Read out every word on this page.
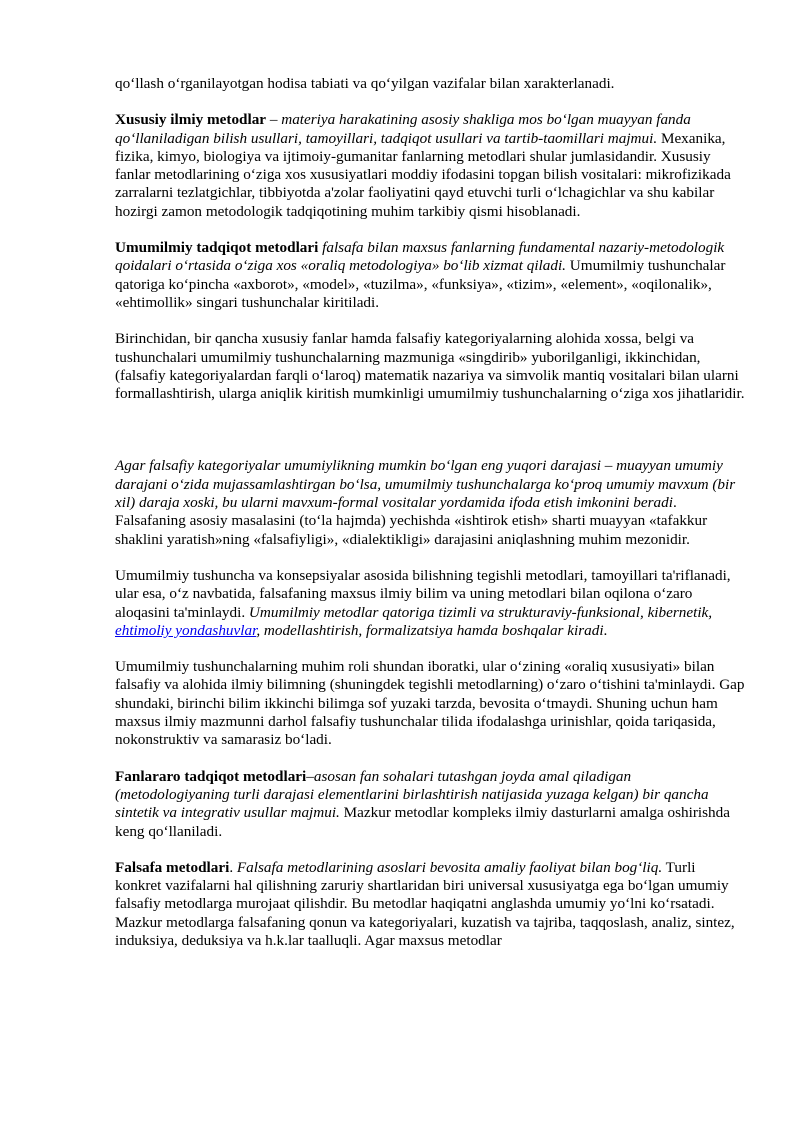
qo‘llash o‘rganilayotgan hodisa tabiati va qo‘yilgan vazifalar bilan xarakterlanadi.

Xususiy ilmiy metodlar – materiya harakatining asosiy shakliga mos bo‘lgan muayyan fanda qo‘llaniladigan bilish usullari, tamoyillari, tadqiqot usullari va tartib-taomillari majmui. Mexanika, fizika, kimyo, biologiya va ijtimoiy-gumanitar fanlarning metodlari shular jumlasidandir. Xususiy fanlar metodlarining o‘ziga xos xususiyatlari moddiy ifodasini topgan bilish vositalari: mikrofizikada zarralarni tezlatgichlar, tibbiyotda a'zolar faoliyatini qayd etuvchi turli o‘lchagichlar va shu kabilar hozirgi zamon metodologik tadqiqotining muhim tarkibiy qismi hisoblanadi.

Umumilmiy tadqiqot metodlari falsafa bilan maxsus fanlarning fundamental nazariy-metodologik qoidalari o‘rtasida o‘ziga xos «oraliq metodologiya» bo‘lib xizmat qiladi. Umumilmiy tushunchalar qatoriga ko‘pincha «axborot», «model», «tuzilma», «funksiya», «tizim», «element», «oqilonalik», «ehtimollik» singari tushunchalar kiritiladi.

Birinchidan, bir qancha xususiy fanlar hamda falsafiy kategoriyalarning alohida xossa, belgi va tushunchalari umumilmiy tushunchalarning mazmuniga «singdirib» yuborilganligi, ikkinchidan, (falsafiy kategoriyalardan farqli o‘laroq) matematik nazariya va simvolik mantiq vositalari bilan ularni formallashtirish, ularga aniqlik kiritish mumkinligi umumilmiy tushunchalarning o‘ziga xos jihatlaridir.

Agar falsafiy kategoriyalar umumiylikning mumkin bo‘lgan eng yuqori darajasi – muayyan umumiy darajani o‘zida mujassamlashtirgan bo‘lsa, umumilmiy tushunchalarga ko‘proq umumiy mavxum (bir xil) daraja xoski, bu ularni mavxum-formal vositalar yordamida ifoda etish imkonini beradi. Falsafaning asosiy masalasini (to‘la hajmda) yechishda «ishtirok etish» sharti muayyan «tafakkur shaklini yaratish»ning «falsafiyligi», «dialektikligi» darajasini aniqlashning muhim mezonidir.

Umumilmiy tushuncha va konsepsiyalar asosida bilishning tegishli metodlari, tamoyillari ta'riflanadi, ular esa, o‘z navbatida, falsafaning maxsus ilmiy bilim va uning metodlari bilan oqilona o‘zaro aloqasini ta'minlaydi. Umumilmiy metodlar qatoriga tizimli va strukturaviy-funksional, kibernetik, ehtimoliy yondashuvlar, modellashtirish, formalizatsiya hamda boshqalar kiradi.

Umumilmiy tushunchalarning muhim roli shundan iboratki, ular o‘zining «oraliq xususiyati» bilan falsafiy va alohida ilmiy bilimning (shuningdek tegishli metodlarning) o‘zaro o‘tishini ta'minlaydi. Gap shundaki, birinchi bilim ikkinchi bilimga sof yuzaki tarzda, bevosita o‘tmaydi. Shuning uchun ham maxsus ilmiy mazmunni darhol falsafiy tushunchalar tilida ifodalashga urinishlar, qoida tariqasida, nokonstruktiv va samarasiz bo‘ladi.

Fanlararo tadqiqot metodlari–asosan fan sohalari tutashgan joyda amal qiladigan (metodologiyaning turli darajasi elementlarini birlashtirish natijasida yuzaga kelgan) bir qancha sintetik va integrativ usullar majmui. Mazkur metodlar kompleks ilmiy dasturlarni amalga oshirishda keng qo‘llaniladi.

Falsafa metodlari. Falsafa metodlarining asoslari bevosita amaliy faoliyat bilan bog‘liq. Turli konkret vazifalarni hal qilishning zaruriy shartlaridan biri universal xususiyatga ega bo‘lgan umumiy falsafiy metodlarga murojaat qilishdir. Bu metodlar haqiqatni anglashda umumiy yo‘lni ko‘rsatadi. Mazkur metodlarga falsafaning qonun va kategoriyalari, kuzatish va tajriba, taqqoslash, analiz, sintez, induksiya, deduksiya va h.k.lar taalluqli. Agar maxsus metodlar
